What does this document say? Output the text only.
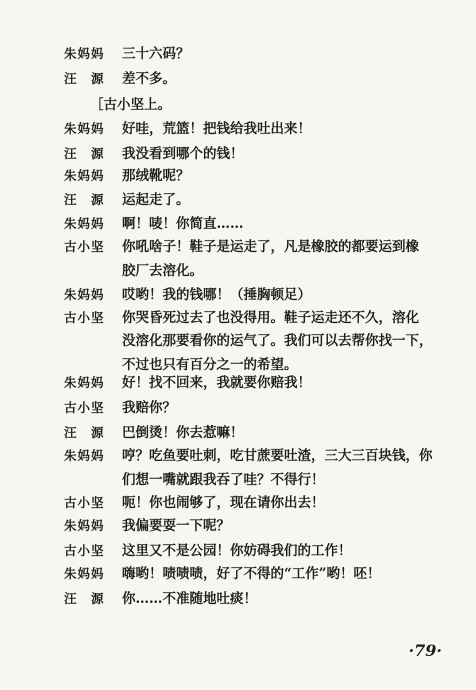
朱妈妈	三十六码？
汪　源	差不多。
［古小坚上。
朱妈妈	好哇，荒篮！把钱给我吐出来！
汪　源	我没看到哪个的钱！
朱妈妈	那绒靴呢？
汪　源	运起走了。
朱妈妈	啊！唛！你简直……
古小坚	你吼啥子！鞋子是运走了，凡是橡胶的都要运到橡
胶厂去溶化。
朱妈妈	哎哟！我的钱哪！（捶胸顿足）
古小坚	你哭昏死过去了也没得用。鞋子运走还不久，溶化
没溶化那要看你的运气了。我们可以去帮你找一下，
不过也只有百分之一的希望。
朱妈妈	好！找不回来，我就要你赔我！
古小坚	我赔你？
汪　源	巴倒烫！你去惹嘛！
朱妈妈	哼？吃鱼要吐刺，吃甘蔗要吐渣，三大三百块钱，你
们想一嘴就跟我吞了哇？不得行！
古小坚	呃！你也闹够了，现在请你出去！
朱妈妈	我偏要耍一下呢？
古小坚	这里又不是公园！你妨碍我们的工作！
朱妈妈	嗨哟！啧啧啧，好了不得的“工作”哟！呸！
汪　源	你……不准随地吐痰！
·79·
